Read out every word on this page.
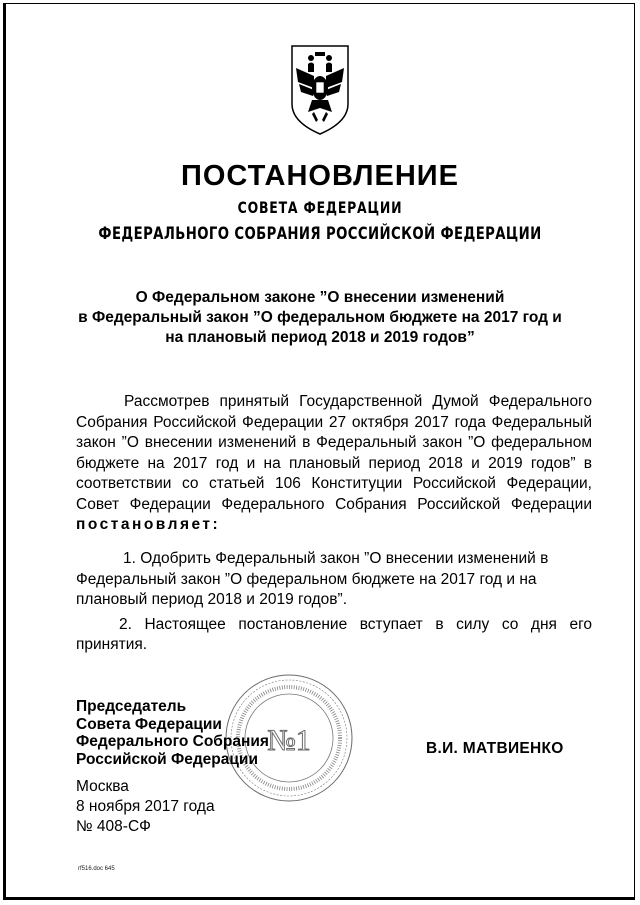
ПОСТАНОВЛЕНИЕ
СОВЕТА ФЕДЕРАЦИИ
ФЕДЕРАЛЬНОГО СОБРАНИЯ РОССИЙСКОЙ ФЕДЕРАЦИИ
О Федеральном законе ”О внесении изменений
в Федеральный закон ”О федеральном бюджете на 2017 год и
на плановый период 2018 и 2019 годов”

Рассмотрев принятый Государственной Думой Федерального Собрания Российской Федерации 27 октября 2017 года Федеральный закон ”О внесении изменений в Федеральный закон ”О федеральном бюджете на 2017 год и на плановый период 2018 и 2019 годов” в соответствии со статьей 106 Конституции Российской Федерации, Совет Федерации Федерального Собрания Российской Федерации постановляет:

1. Одобрить Федеральный закон ”О внесении изменений в Федеральный закон ”О федеральном бюджете на 2017 год и на плановый период 2018 и 2019 годов”.

2. Настоящее постановление вступает в силу со дня его принятия.

№1
Председатель
Совета Федерации
Федерального Собрания
Российской Федерации
В.И. МАТВИЕНКО
Москва
8 ноября 2017 года
№ 408-СФ
rf516.doc 645
